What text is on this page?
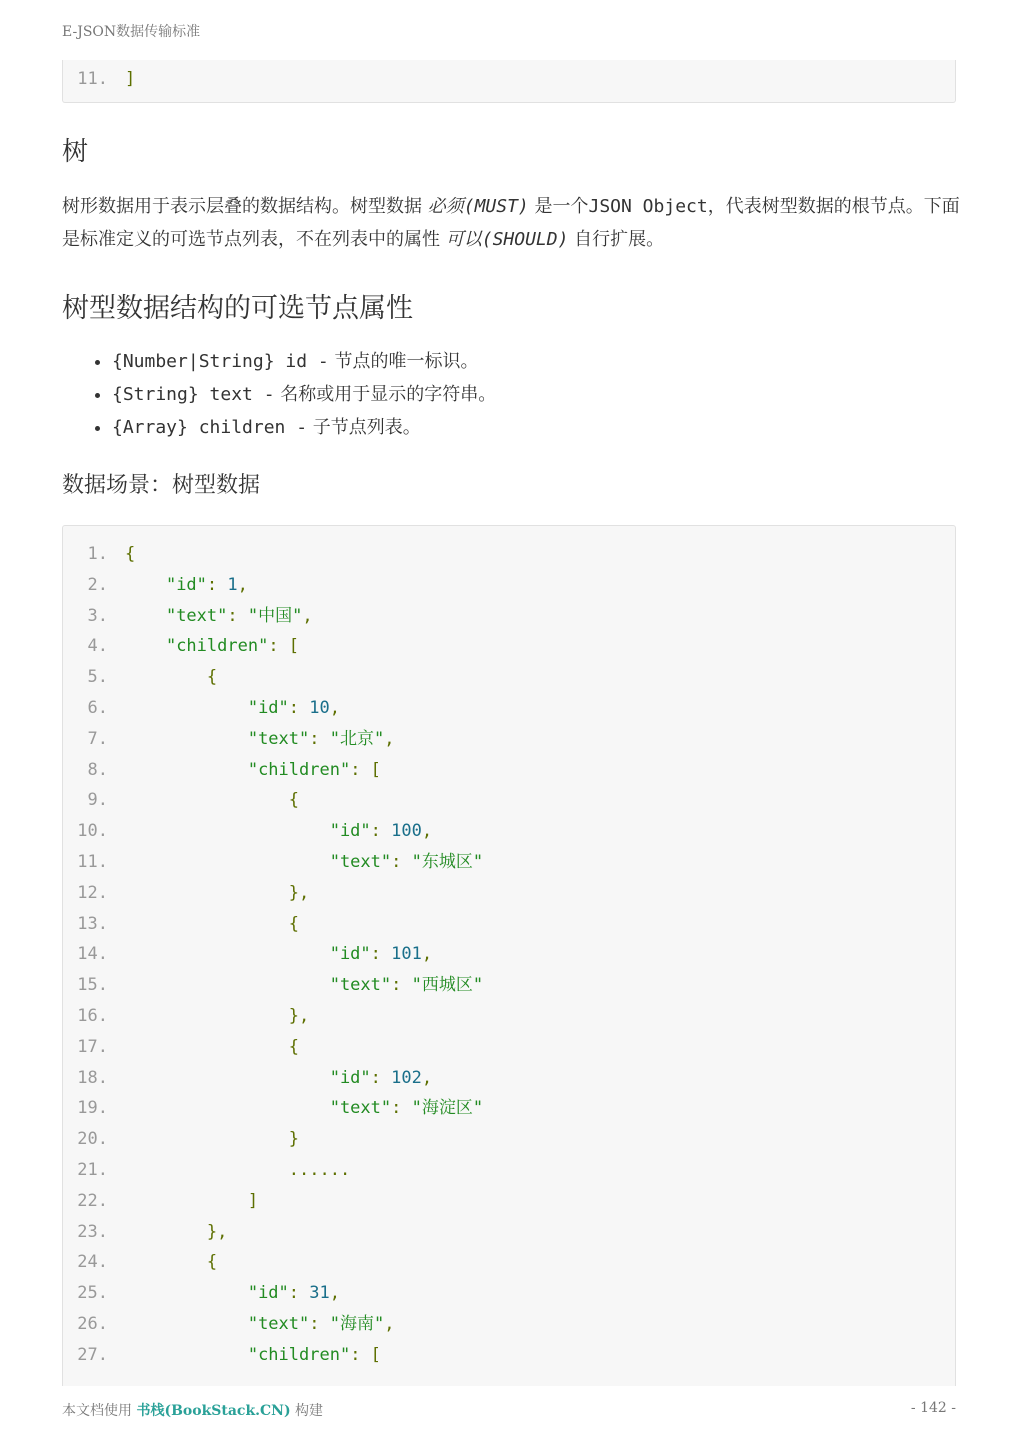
E-JSON数据传输标准
11. ]
树

树形数据用于表示层叠的数据结构。树型数据 必须(MUST) 是一个JSON Object，代表树型数据的根节点。下面是标准定义的可选节点列表，不在列表中的属性 可以(SHOULD) 自行扩展。

树型数据结构的可选节点属性
• {Number|String} id - 节点的唯一标识。
• {String} text - 名称或用于显示的字符串。
• {Array} children - 子节点列表。
数据场景：树型数据
1. {
2.	"id": 1,
3.	"text": "中国",
4.	"children": [
5.	{
6.	"id": 10,
7.	"text": "北京",
8.	"children": [
9.	{
10.	"id": 100,
11.	"text": "东城区"
12.	},
13.	{
14.	"id": 101,
15.	"text": "西城区"
16.	},
17.	{
18.	"id": 102,
19.	"text": "海淀区"
20.	}
21.	......
22.	]
23.	},
24.	{
25.	"id": 31,
26.	"text": "海南",
27.	"children": [
本文档使用 书栈(BookStack.CN) 构建	- 142 -
